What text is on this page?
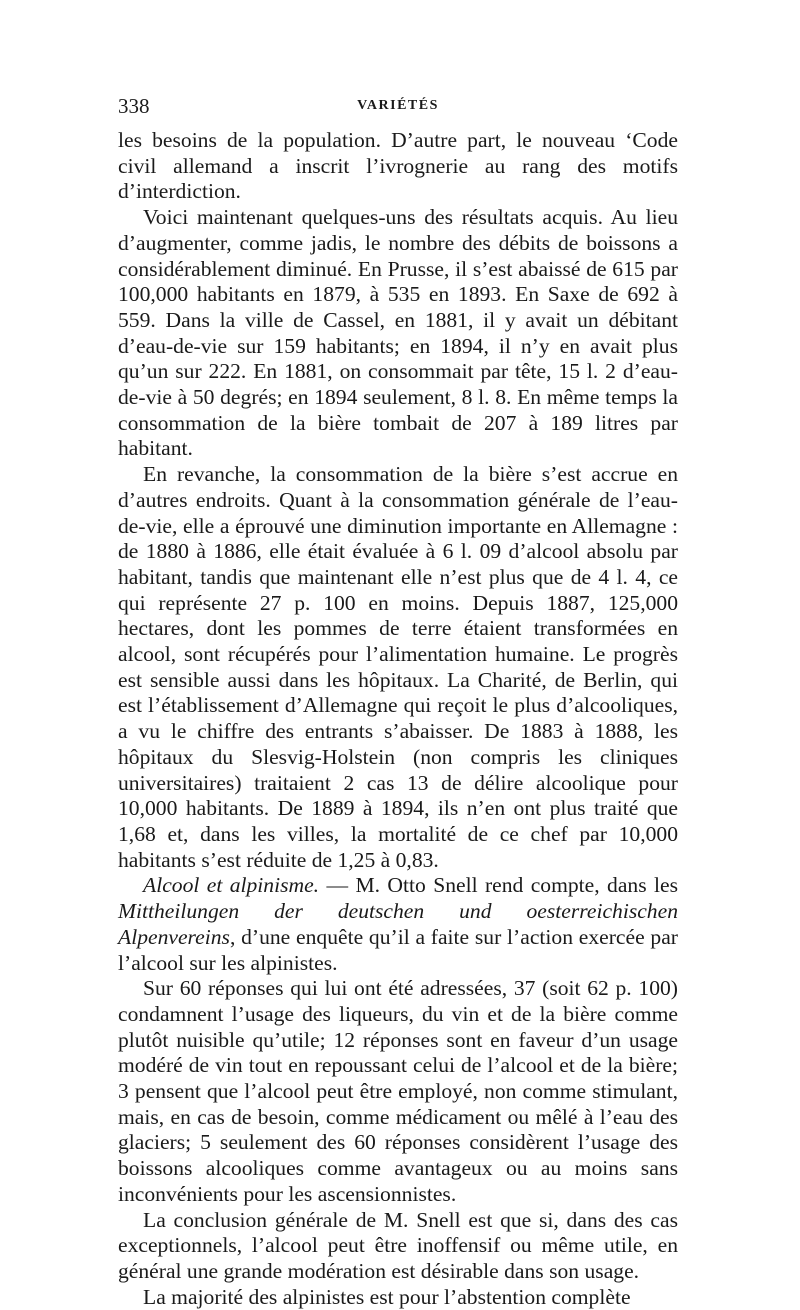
338	VARIÉTÉS

les besoins de la population. D’autre part, le nouveau ‘Code civil allemand a inscrit l’ivrognerie au rang des motifs d’interdiction.

Voici maintenant quelques-uns des résultats acquis. Au lieu d’augmenter, comme jadis, le nombre des débits de boissons a considérablement diminué. En Prusse, il s’est abaissé de 615 par 100,000 habitants en 1879, à 535 en 1893. En Saxe de 692 à 559. Dans la ville de Cassel, en 1881, il y avait un débitant d’eau-de-vie sur 159 habitants; en 1894, il n’y en avait plus qu’un sur 222. En 1881, on consommait par tête, 15 l. 2 d’eau-de-vie à 50 degrés; en 1894 seulement, 8 l. 8. En même temps la consommation de la bière tombait de 207 à 189 litres par habitant.

En revanche, la consommation de la bière s’est accrue en d’autres endroits. Quant à la consommation générale de l’eau-de-vie, elle a éprouvé une diminution importante en Allemagne : de 1880 à 1886, elle était évaluée à 6 l. 09 d’alcool absolu par habitant, tandis que maintenant elle n’est plus que de 4 l. 4, ce qui représente 27 p. 100 en moins. Depuis 1887, 125,000 hectares, dont les pommes de terre étaient transformées en alcool, sont récupérés pour l’alimentation humaine. Le progrès est sensible aussi dans les hôpitaux. La Charité, de Berlin, qui est l’établissement d’Allemagne qui reçoit le plus d’alcooliques, a vu le chiffre des entrants s’abaisser. De 1883 à 1888, les hôpitaux du Slesvig-Holstein (non compris les cliniques universitaires) traitaient 2 cas 13 de délire alcoolique pour 10,000 habitants. De 1889 à 1894, ils n’en ont plus traité que 1,68 et, dans les villes, la mortalité de ce chef par 10,000 habitants s’est réduite de 1,25 à 0,83.

Alcool et alpinisme. — M. Otto Snell rend compte, dans les Mittheilungen der deutschen und oesterreichischen Alpenvereins, d’une enquête qu’il a faite sur l’action exercée par l’alcool sur les alpinistes.

Sur 60 réponses qui lui ont été adressées, 37 (soit 62 p. 100) condamnent l’usage des liqueurs, du vin et de la bière comme plutôt nuisible qu’utile; 12 réponses sont en faveur d’un usage modéré de vin tout en repoussant celui de l’alcool et de la bière; 3 pensent que l’alcool peut être employé, non comme stimulant, mais, en cas de besoin, comme médicament ou mêlé à l’eau des glaciers; 5 seulement des 60 réponses considèrent l’usage des boissons alcooliques comme avantageux ou au moins sans inconvénients pour les ascensionnistes.

La conclusion générale de M. Snell est que si, dans des cas exceptionnels, l’alcool peut être inoffensif ou même utile, en général une grande modération est désirable dans son usage.

La majorité des alpinistes est pour l’abstention complète
